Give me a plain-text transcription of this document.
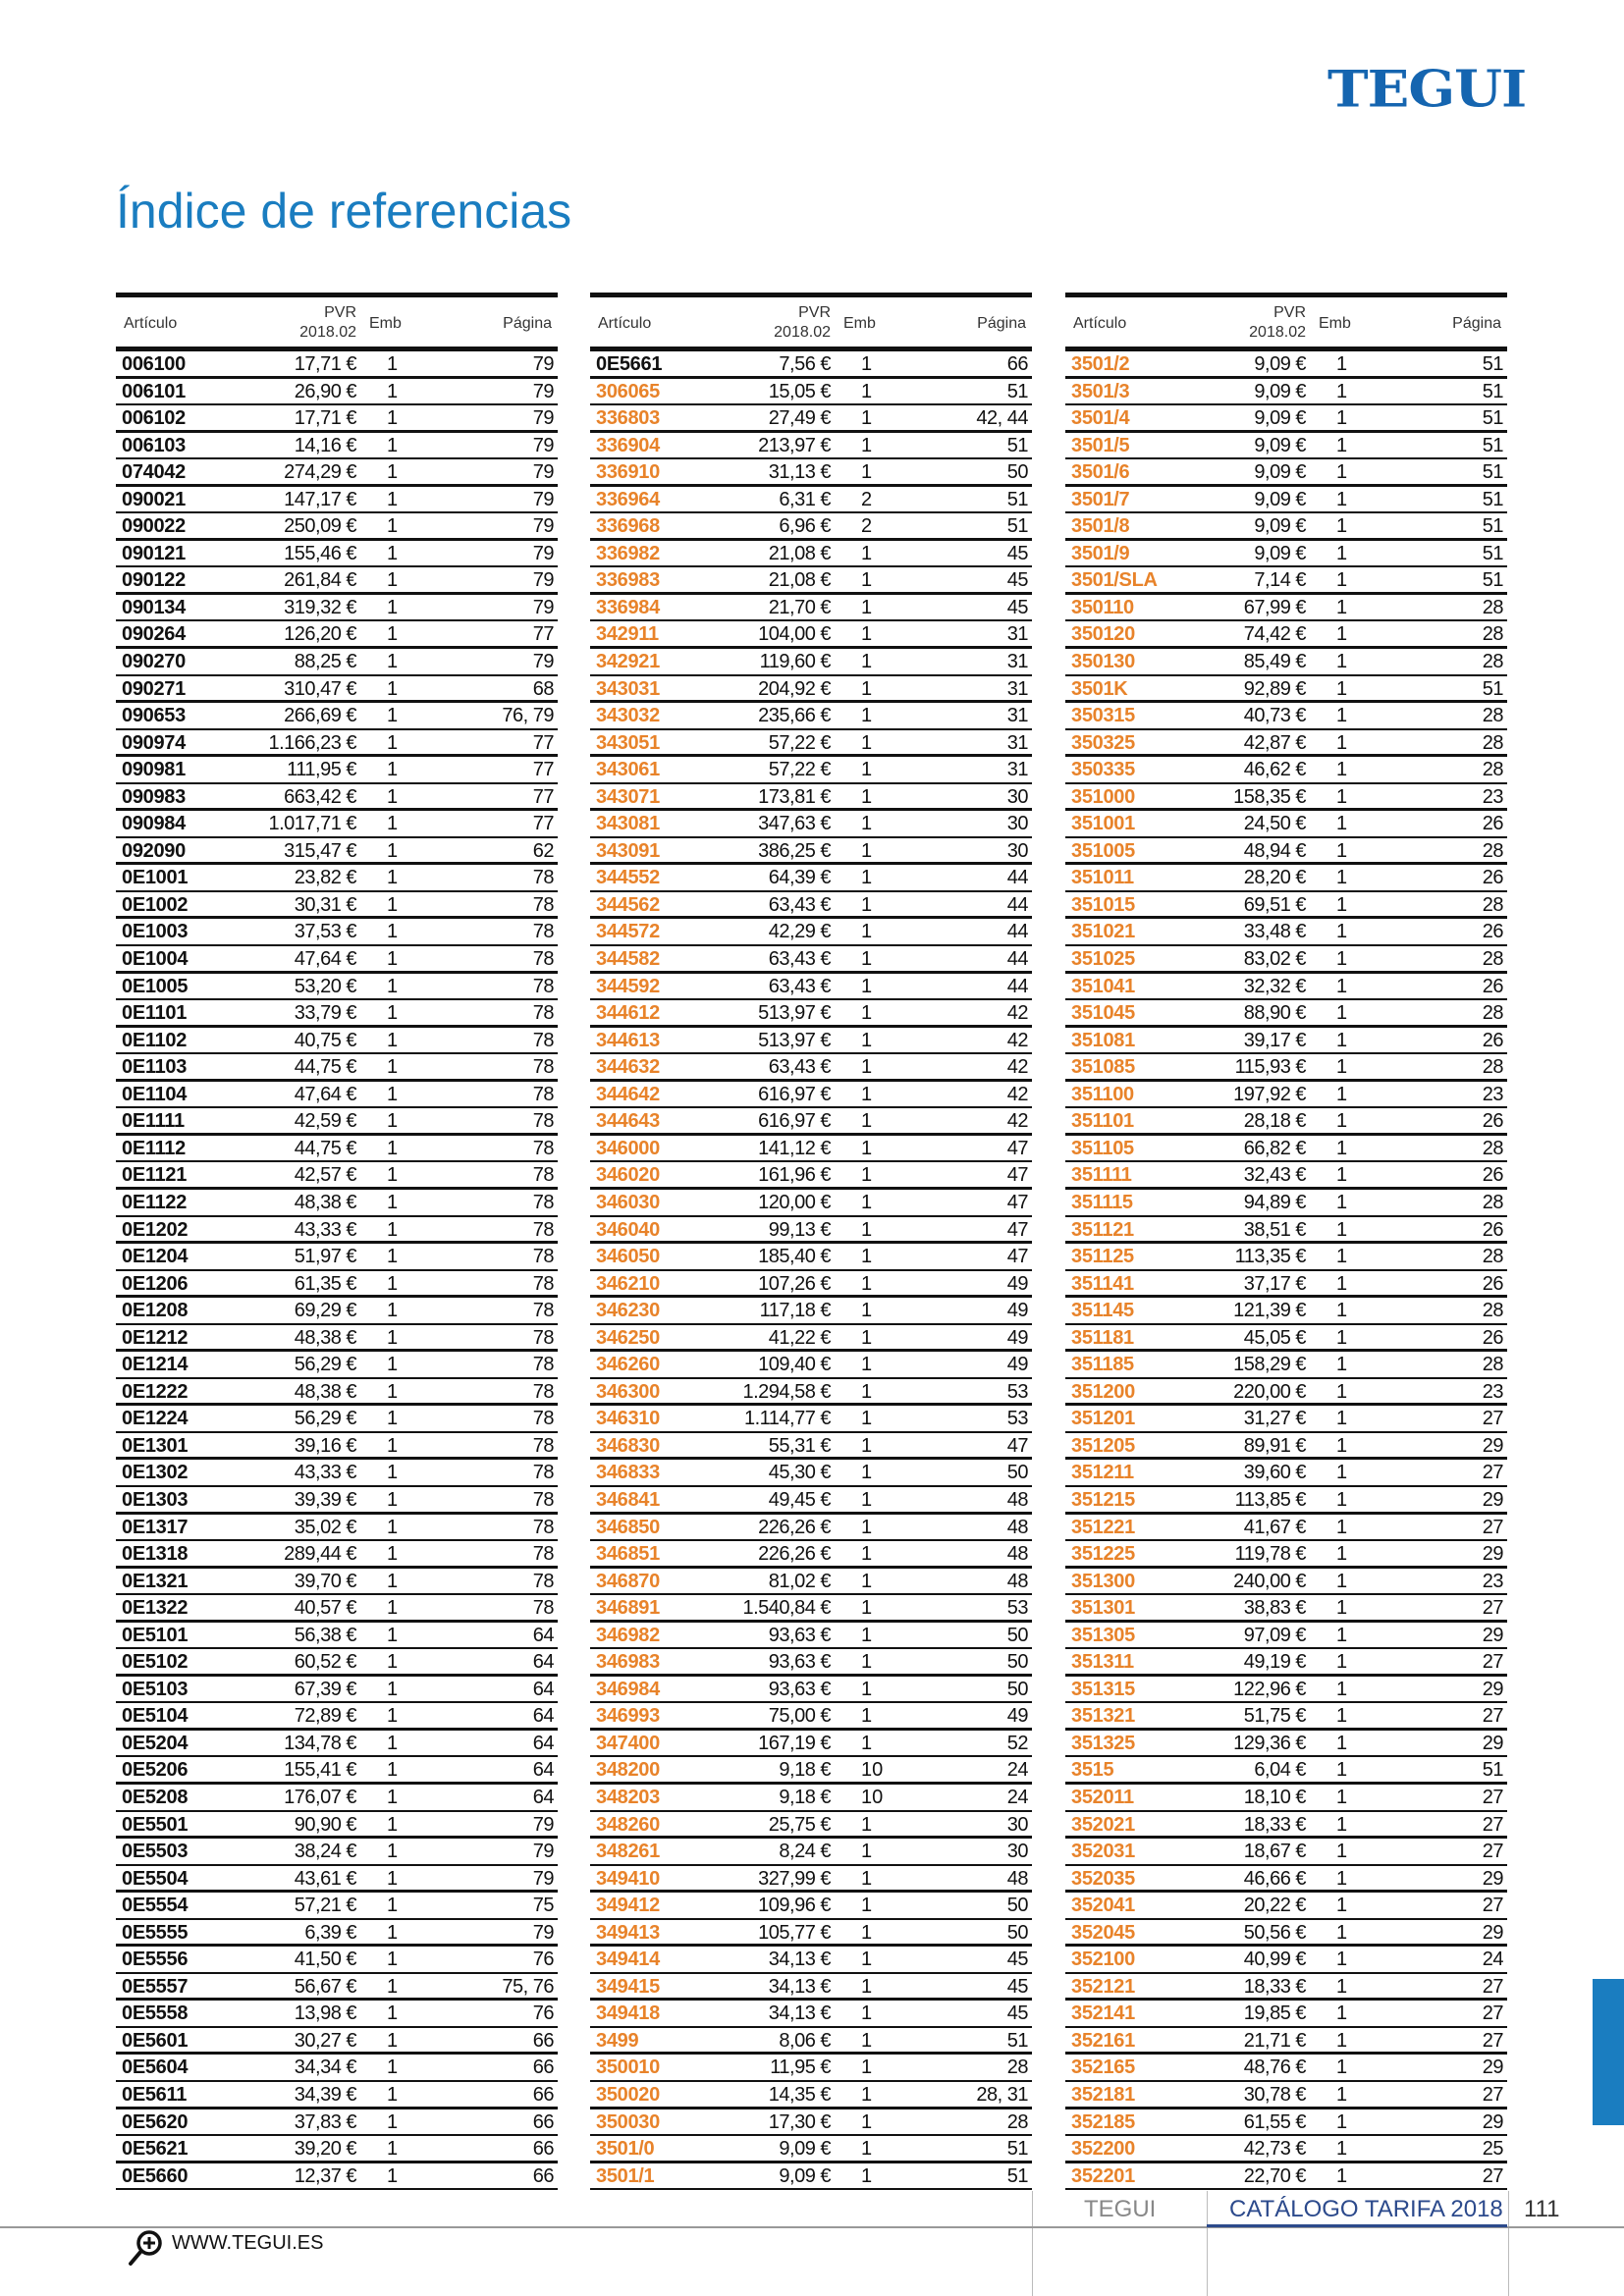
TEGUI
Índice de referencias
Artículo
PVR
2018.02
Emb	Página
006100	17,71 € 1	79
006101	26,90 € 1	79
006102	17,71 € 1	79
006103	14,16 € 1	79
074042	274,29 € 1	79
090021	147,17 € 1	79
090022	250,09 € 1	79
090121	155,46 € 1	79
090122	261,84 € 1	79
090134	319,32 € 1	79
090264	126,20 € 1	77
090270	88,25 € 1	79
090271	310,47 € 1	68
090653	266,69 € 1	76, 79
090974	1.166,23 € 1	77
090981	111,95 € 1	77
090983	663,42 € 1	77
090984	1.017,71 € 1	77
092090	315,47 € 1	62
0E1001	23,82 € 1	78
0E1002	30,31 € 1	78
0E1003	37,53 € 1	78
0E1004	47,64 € 1	78
0E1005	53,20 € 1	78
0E1101	33,79 € 1	78
0E1102	40,75 € 1	78
0E1103	44,75 € 1	78
0E1104	47,64 € 1	78
0E1111	42,59 € 1	78
0E1112	44,75 € 1	78
0E1121	42,57 € 1	78
0E1122	48,38 € 1	78
0E1202	43,33 € 1	78
0E1204	51,97 € 1	78
0E1206	61,35 € 1	78
0E1208	69,29 € 1	78
0E1212	48,38 € 1	78
0E1214	56,29 € 1	78
0E1222	48,38 € 1	78
0E1224	56,29 € 1	78
0E1301	39,16 € 1	78
0E1302	43,33 € 1	78
0E1303	39,39 € 1	78
0E1317	35,02 € 1	78
0E1318	289,44 € 1	78
0E1321	39,70 € 1	78
0E1322	40,57 € 1	78
0E5101	56,38 € 1	64
0E5102	60,52 € 1	64
0E5103	67,39 € 1	64
0E5104	72,89 € 1	64
0E5204	134,78 € 1	64
0E5206	155,41 € 1	64
0E5208	176,07 € 1	64
0E5501	90,90 € 1	79
0E5503	38,24 € 1	79
0E5504	43,61 € 1	79
0E5554	57,21 € 1	75
0E5555	6,39 € 1	79
0E5556	41,50 € 1	76
0E5557	56,67 € 1	75, 76
0E5558	13,98 € 1	76
0E5601	30,27 € 1	66
0E5604	34,34 € 1	66
0E5611	34,39 € 1	66
0E5620	37,83 € 1	66
0E5621	39,20 € 1	66
0E5660	12,37 € 1	66
Artículo
PVR
2018.02
Emb	Página
0E5661	7,56 € 1	66
306065	15,05 € 1	51
336803	27,49 € 1	42, 44
336904	213,97 € 1	51
336910	31,13 € 1	50
336964	6,31 € 2	51
336968	6,96 € 2	51
336982	21,08 € 1	45
336983	21,08 € 1	45
336984	21,70 € 1	45
342911	104,00 € 1	31
342921	119,60 € 1	31
343031	204,92 € 1	31
343032	235,66 € 1	31
343051	57,22 € 1	31
343061	57,22 € 1	31
343071	173,81 € 1	30
343081	347,63 € 1	30
343091	386,25 € 1	30
344552	64,39 € 1	44
344562	63,43 € 1	44
344572	42,29 € 1	44
344582	63,43 € 1	44
344592	63,43 € 1	44
344612	513,97 € 1	42
344613	513,97 € 1	42
344632	63,43 € 1	42
344642	616,97 € 1	42
344643	616,97 € 1	42
346000	141,12 € 1	47
346020	161,96 € 1	47
346030	120,00 € 1	47
346040	99,13 € 1	47
346050	185,40 € 1	47
346210	107,26 € 1	49
346230	117,18 € 1	49
346250	41,22 € 1	49
346260	109,40 € 1	49
346300	1.294,58 € 1	53
346310	1.114,77 € 1	53
346830	55,31 € 1	47
346833	45,30 € 1	50
346841	49,45 € 1	48
346850	226,26 € 1	48
346851	226,26 € 1	48
346870	81,02 € 1	48
346891	1.540,84 € 1	53
346982	93,63 € 1	50
346983	93,63 € 1	50
346984	93,63 € 1	50
346993	75,00 € 1	49
347400	167,19 € 1	52
348200	9,18 € 10	24
348203	9,18 € 10	24
348260	25,75 € 1	30
348261	8,24 € 1	30
349410	327,99 € 1	48
349412	109,96 € 1	50
349413	105,77 € 1	50
349414	34,13 € 1	45
349415	34,13 € 1	45
349418	34,13 € 1	45
3499	8,06 € 1	51
350010	11,95 € 1	28
350020	14,35 € 1	28, 31
350030	17,30 € 1	28
3501/0	9,09 € 1	51
3501/1	9,09 € 1	51
Artículo
PVR
2018.02
Emb	Página
3501/2	9,09 € 1	51
3501/3	9,09 € 1	51
3501/4	9,09 € 1	51
3501/5	9,09 € 1	51
3501/6	9,09 € 1	51
3501/7	9,09 € 1	51
3501/8	9,09 € 1	51
3501/9	9,09 € 1	51
3501/SLA	7,14 € 1	51
350110	67,99 € 1	28
350120	74,42 € 1	28
350130	85,49 € 1	28
3501K	92,89 € 1	51
350315	40,73 € 1	28
350325	42,87 € 1	28
350335	46,62 € 1	28
351000	158,35 € 1	23
351001	24,50 € 1	26
351005	48,94 € 1	28
351011	28,20 € 1	26
351015	69,51 € 1	28
351021	33,48 € 1	26
351025	83,02 € 1	28
351041	32,32 € 1	26
351045	88,90 € 1	28
351081	39,17 € 1	26
351085	115,93 € 1	28
351100	197,92 € 1	23
351101	28,18 € 1	26
351105	66,82 € 1	28
351111	32,43 € 1	26
351115	94,89 € 1	28
351121	38,51 € 1	26
351125	113,35 € 1	28
351141	37,17 € 1	26
351145	121,39 € 1	28
351181	45,05 € 1	26
351185	158,29 € 1	28
351200	220,00 € 1	23
351201	31,27 € 1	27
351205	89,91 € 1	29
351211	39,60 € 1	27
351215	113,85 € 1	29
351221	41,67 € 1	27
351225	119,78 € 1	29
351300	240,00 € 1	23
351301	38,83 € 1	27
351305	97,09 € 1	29
351311	49,19 € 1	27
351315	122,96 € 1	29
351321	51,75 € 1	27
351325	129,36 € 1	29
3515	6,04 € 1	51
352011	18,10 € 1	27
352021	18,33 € 1	27
352031	18,67 € 1	27
352035	46,66 € 1	29
352041	20,22 € 1	27
352045	50,56 € 1	29
352100	40,99 € 1	24
352121	18,33 € 1	27
352141	19,85 € 1	27
352161	21,71 € 1	27
352165	48,76 € 1	29
352181	30,78 € 1	27
352185	61,55 € 1	29
352200	42,73 € 1	25
352201	22,70 € 1	27
TEGUI	CATÁLOGO TARIFA 2018 111
WWW.TEGUI.ES
